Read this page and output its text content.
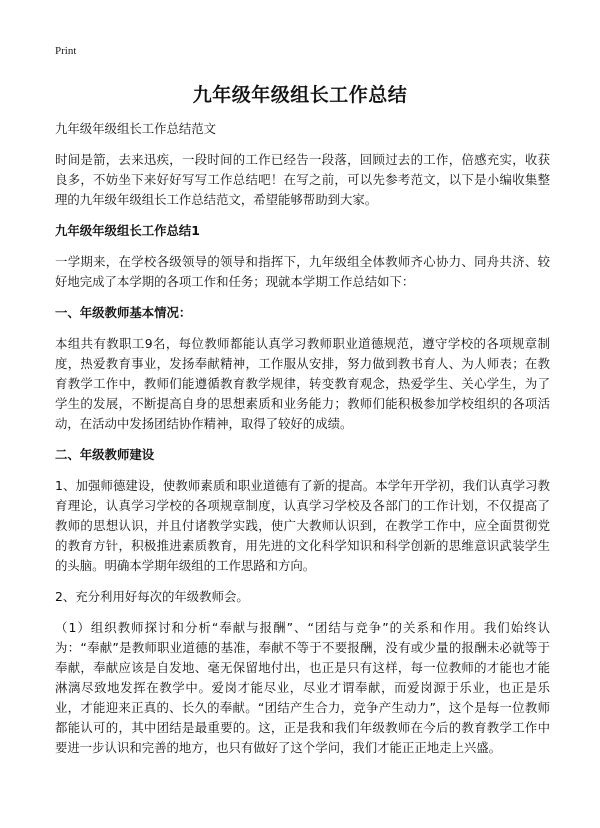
Print
九年级年级组长工作总结

九年级年级组长工作总结范文

时间是箭，去来迅疾，一段时间的工作已经告一段落，回顾过去的工作，倍感充实，收获良多，不妨坐下来好好写写工作总结吧！在写之前，可以先参考范文，以下是小编收集整理的九年级年级组长工作总结范文，希望能够帮助到大家。

九年级年级组长工作总结1

一学期来，在学校各级领导的领导和指挥下，九年级组全体教师齐心协力、同舟共济、较好地完成了本学期的各项工作和任务；现就本学期工作总结如下：

一、年级教师基本情况：

本组共有教职工9名，每位教师都能认真学习教师职业道德规范，遵守学校的各项规章制度，热爱教育事业，发扬奉献精神，工作服从安排，努力做到教书育人、为人师表；在教育教学工作中，教师们能遵循教育教学规律，转变教育观念，热爱学生、关心学生，为了学生的发展，不断提高自身的思想素质和业务能力；教师们能积极参加学校组织的各项活动，在活动中发扬团结协作精神，取得了较好的成绩。

二、年级教师建设

1、加强师德建设，使教师素质和职业道德有了新的提高。本学年开学初，我们认真学习教育理论，认真学习学校的各项规章制度，认真学习学校及各部门的工作计划，不仅提高了教师的思想认识，并且付诸教学实践，使广大教师认识到，在教学工作中，应全面贯彻党的教育方针，积极推进素质教育，用先进的文化科学知识和科学创新的思维意识武装学生的头脑。明确本学期年级组的工作思路和方向。

2、充分利用好每次的年级教师会。

（1）组织教师探讨和分析“奉献与报酬”、“团结与竞争”的关系和作用。我们始终认为：“奉献”是教师职业道德的基准，奉献不等于不要报酬，没有或少量的报酬未必就等于奉献，奉献应该是自发地、毫无保留地付出，也正是只有这样，每一位教师的才能也才能淋漓尽致地发挥在教学中。爱岗才能尽业，尽业才谓奉献，而爱岗源于乐业，也正是乐业，才能迎来正真的、长久的奉献。“团结产生合力，竞争产生动力”，这个是每一位教师都能认可的，其中团结是最重要的。这，正是我和我们年级教师在今后的教育教学工作中要进一步认识和完善的地方，也只有做好了这个学问，我们才能正正地走上兴盛。
